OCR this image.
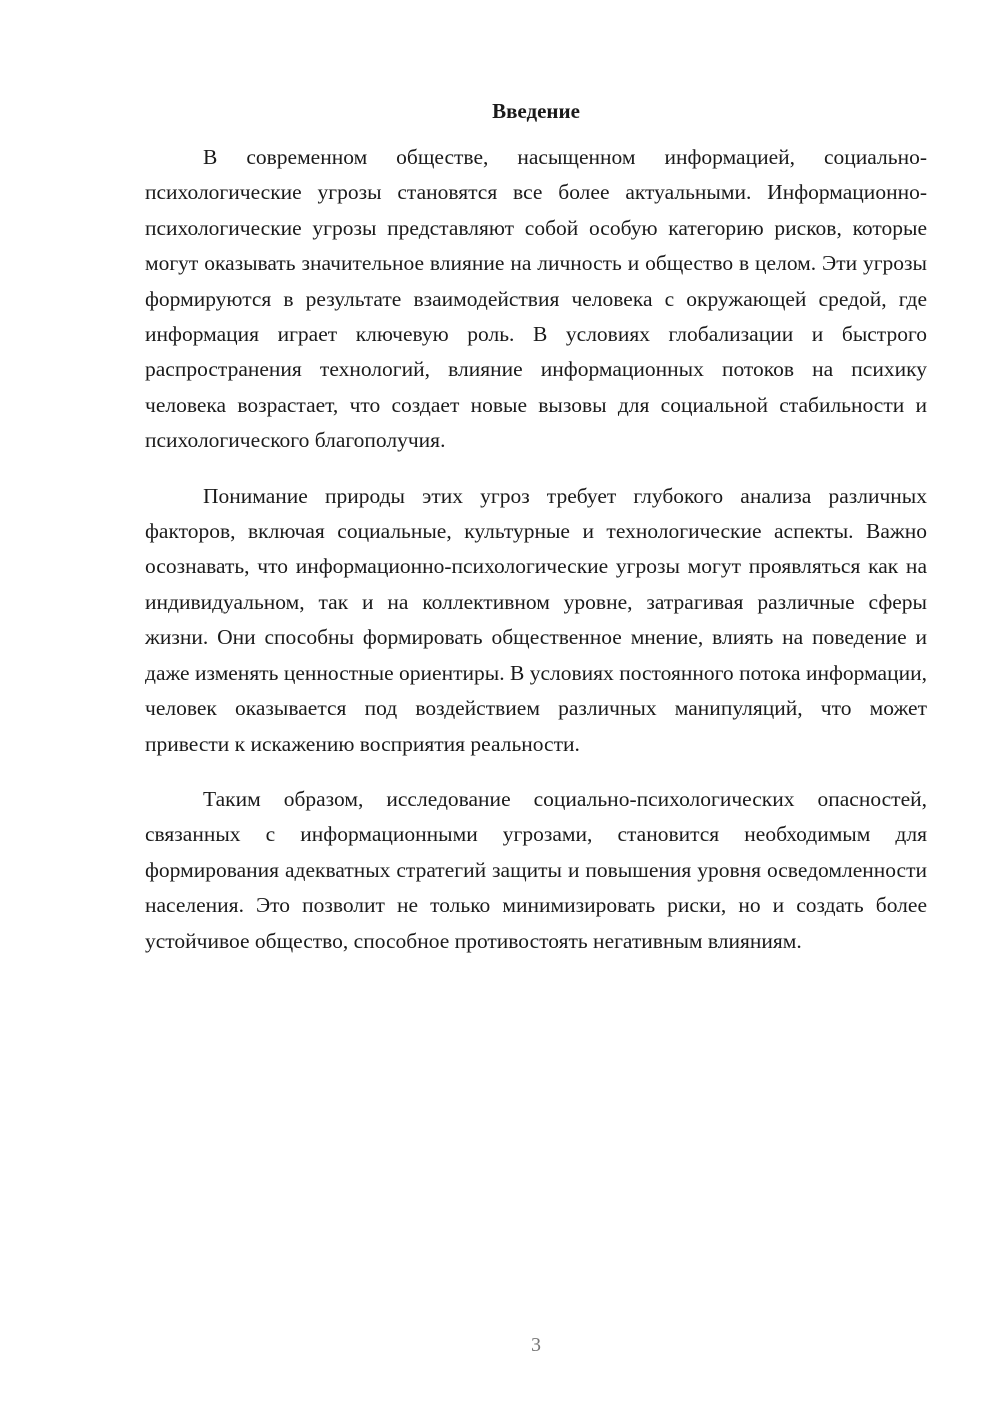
Введение

В современном обществе, насыщенном информацией, социально-психологические угрозы становятся все более актуальными. Информационно-психологические угрозы представляют собой особую категорию рисков, которые могут оказывать значительное влияние на личность и общество в целом. Эти угрозы формируются в результате взаимодействия человека с окружающей средой, где информация играет ключевую роль. В условиях глобализации и быстрого распространения технологий, влияние информационных потоков на психику человека возрастает, что создает новые вызовы для социальной стабильности и психологического благополучия.

Понимание природы этих угроз требует глубокого анализа различных факторов, включая социальные, культурные и технологические аспекты. Важно осознавать, что информационно-психологические угрозы могут проявляться как на индивидуальном, так и на коллективном уровне, затрагивая различные сферы жизни. Они способны формировать общественное мнение, влиять на поведение и даже изменять ценностные ориентиры. В условиях постоянного потока информации, человек оказывается под воздействием различных манипуляций, что может привести к искажению восприятия реальности.

Таким образом, исследование социально-психологических опасностей, связанных с информационными угрозами, становится необходимым для формирования адекватных стратегий защиты и повышения уровня осведомленности населения. Это позволит не только минимизировать риски, но и создать более устойчивое общество, способное противостоять негативным влияниям.

3
